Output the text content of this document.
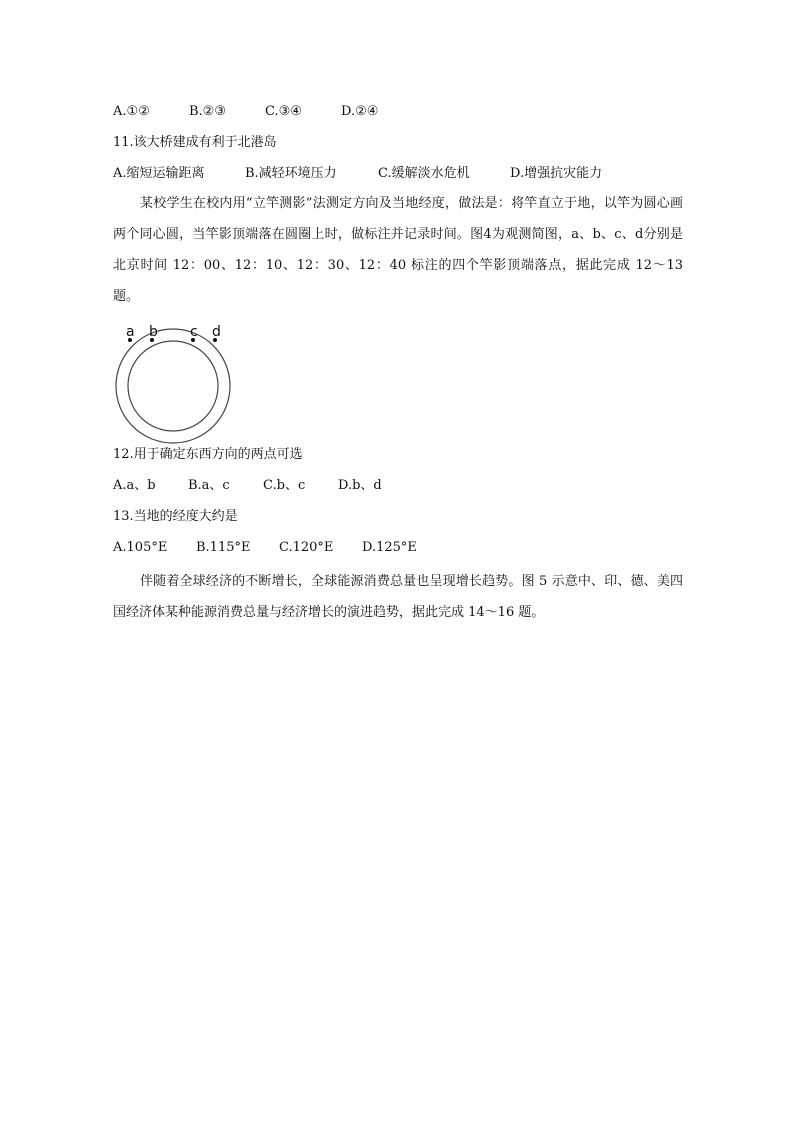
A.①②	B.②③	C.③④	D.②④
11.该大桥建成有利于北港岛
A.缩短运输距离	B.减轻环境压力	C.缓解淡水危机	D.增强抗灾能力

某校学生在校内用“立竿测影”法测定方向及当地经度，做法是：将竿直立于地，以竿为圆心画两个同心圆，当竿影顶端落在圆圈上时，做标注并记录时间。图4为观测简图，a、b、c、d分别是北京时间 12：00、12：10、12：30、12：40 标注的四个竿影顶端落点，据此完成 12～13 题。

a b c d
12.用于确定东西方向的两点可选
A.a、b B.a、c	C.b、c	D.b、d
13.当地的经度大约是
A.105°E B.115°E C.120°E D.125°E

伴随着全球经济的不断增长，全球能源消费总量也呈现增长趋势。图 5 示意中、印、德、美四国经济体某种能源消费总量与经济增长的演进趋势，据此完成 14～16 题。
